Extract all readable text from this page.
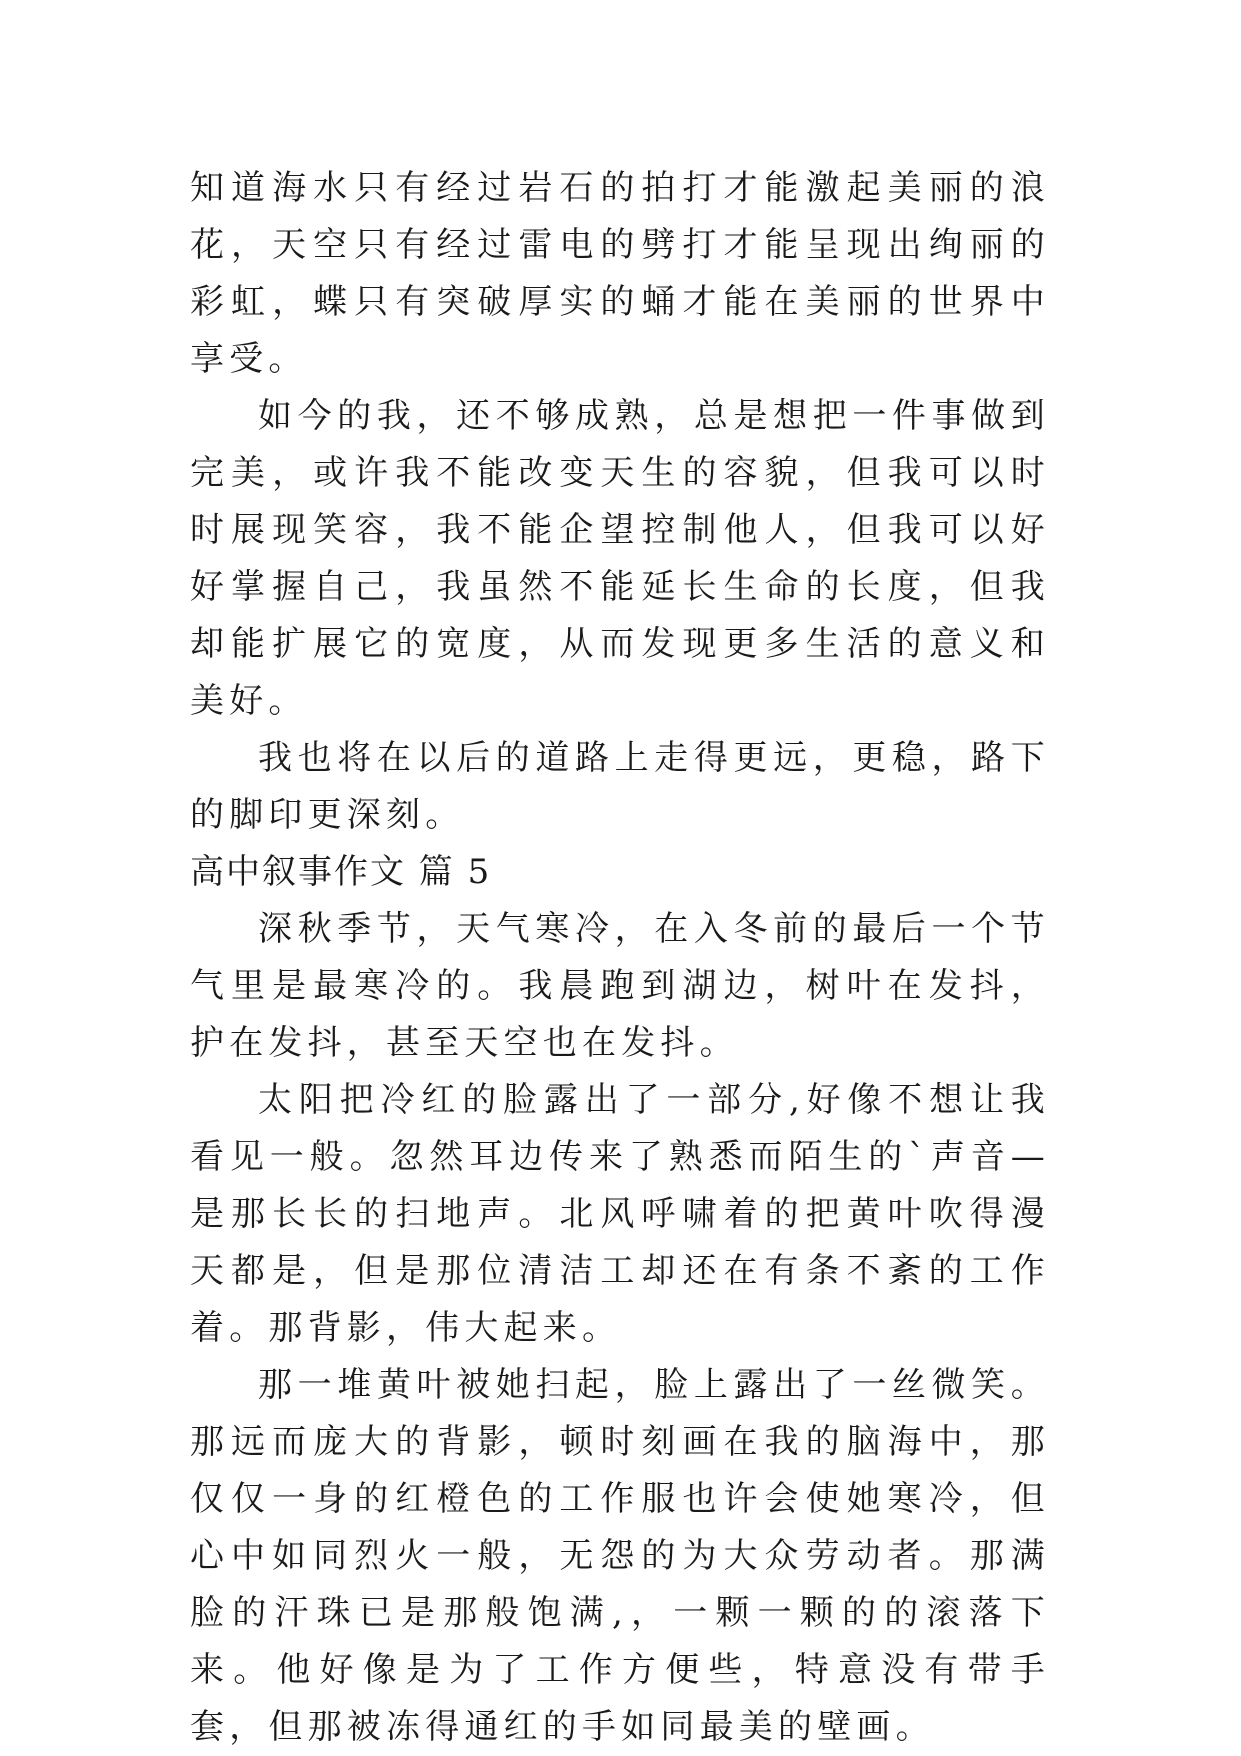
知道海水只有经过岩石的拍打才能激起美丽的浪花，天空只有经过雷电的劈打才能呈现出绚丽的彩虹，蝶只有突破厚实的蛹才能在美丽的世界中享受。

如今的我，还不够成熟，总是想把一件事做到完美，或许我不能改变天生的容貌，但我可以时时展现笑容，我不能企望控制他人，但我可以好好掌握自己，我虽然不能延长生命的长度，但我却能扩展它的宽度，从而发现更多生活的意义和美好。

我也将在以后的道路上走得更远，更稳，路下的脚印更深刻。

高中叙事作文 篇 5

深秋季节，天气寒冷，在入冬前的最后一个节气里是最寒冷的。我晨跑到湖边，树叶在发抖，护在发抖，甚至天空也在发抖。

太阳把冷红的脸露出了一部分,好像不想让我看见一般。忽然耳边传来了熟悉而陌生的`声音—是那长长的扫地声。北风呼啸着的把黄叶吹得漫天都是，但是那位清洁工却还在有条不紊的工作着。那背影，伟大起来。

那一堆黄叶被她扫起，脸上露出了一丝微笑。那远而庞大的背影，顿时刻画在我的脑海中，那仅仅一身的红橙色的工作服也许会使她寒冷，但心中如同烈火一般，无怨的为大众劳动者。那满脸的汗珠已是那般饱满,，一颗一颗的的滚落下来。他好像是为了工作方便些，特意没有带手套，但那被冻得通红的手如同最美的壁画。
